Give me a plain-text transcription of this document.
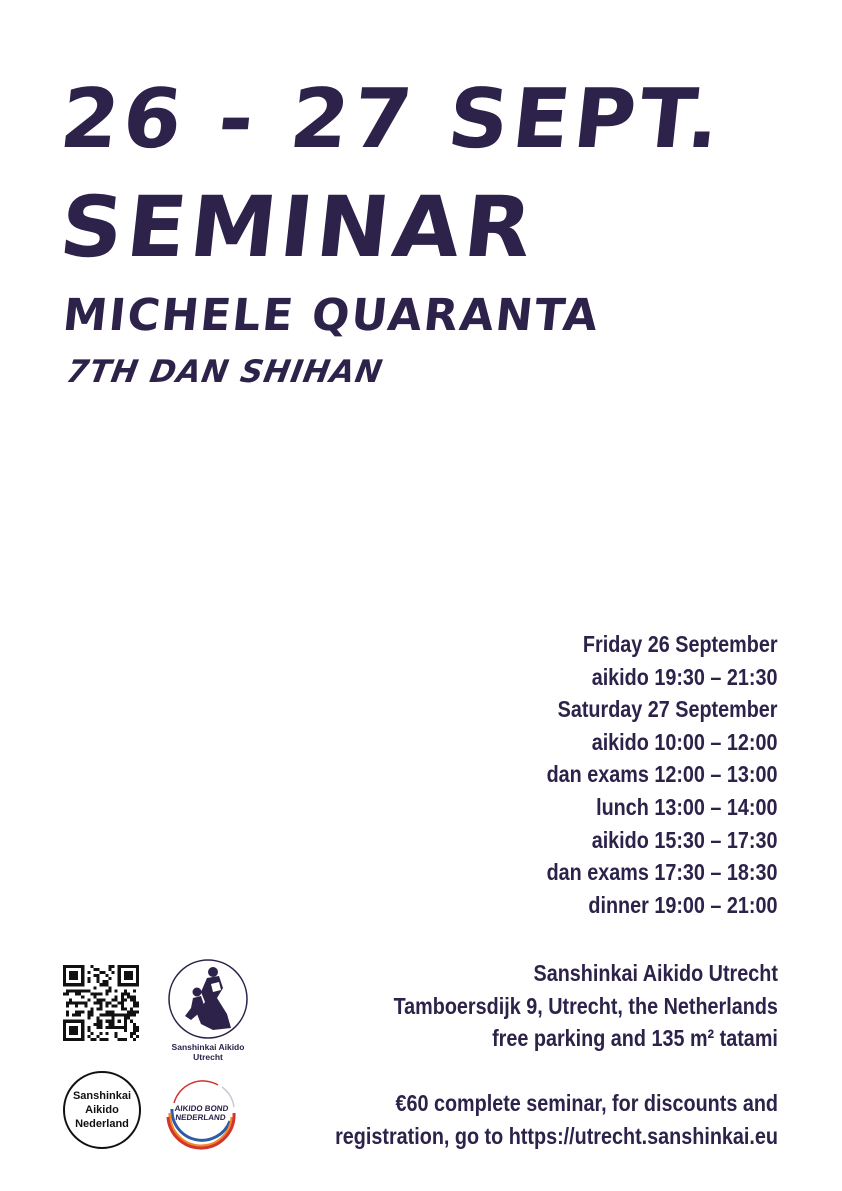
26 - 27 SEPT.
SEMINAR
MICHELE QUARANTA
7TH DAN SHIHAN
Friday 26 September
aikido 19:30 – 21:30
Saturday 27 September
aikido 10:00 – 12:00
dan exams 12:00 – 13:00
lunch 13:00 – 14:00
aikido 15:30 – 17:30
dan exams 17:30 – 18:30
dinner 19:00 – 21:00
Sanshinkai Aikido Utrecht
Tamboersdijk 9, Utrecht, the Netherlands
free parking and 135 m² tatami
€60 complete seminar, for discounts and
registration, go to https://utrecht.sanshinkai.eu
Sanshinkai Aikido
Utrecht
Sanshinkai
Aikido
Nederland
AIKIDO BOND
NEDERLAND
